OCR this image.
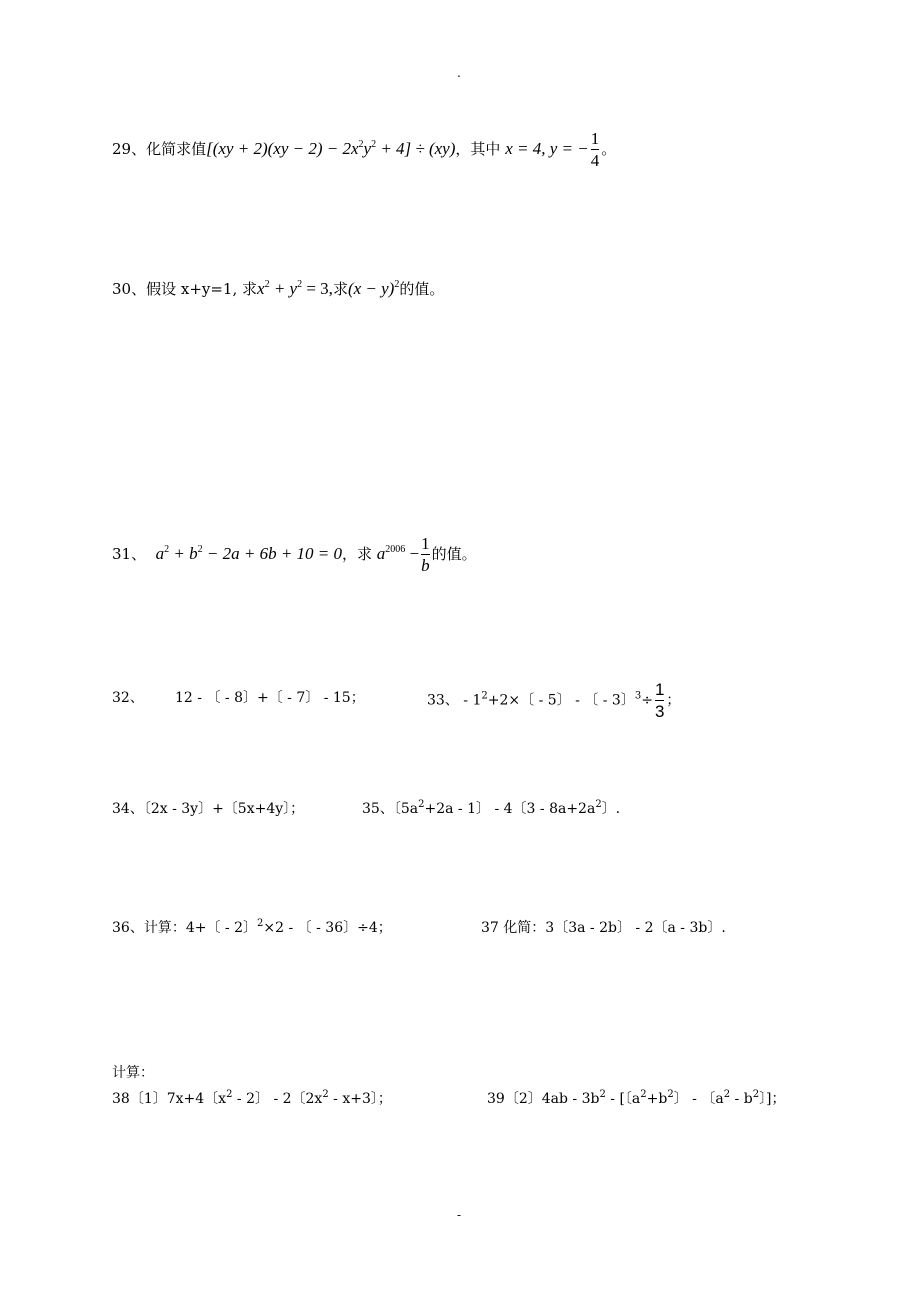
.
29、化简求值$[(xy + 2)(xy - 2) - 2x^2y^2 + 4] \div (xy)$，其中 x = 4, y = − $\frac{1}{4}$ 。
30、假设 x+y=1, 求$x^2 + y^2 = 3$,求$(x - y)^2$的值。
31、 $a^2 + b^2 - 2a + 6b + 10 = 0$，求 $a^{2006} - \frac{1}{b}$ 的值。
32、 12 - 〔 - 8〕+〔 - 7〕 - 15；	33、 - $1^2+2\times$〔 - 5〕 - 〔 - 3〕$^3\div \frac{1}{3}$ ；
34、〔2x - 3y〕+〔5x+4y〕；	35、〔$5a^2+2a - 1$〕 - 4〔$3 - 8a+2a^2$〕.
36、计算：4+〔 - 2〕$^2$×2 - 〔 - 36〕÷4；	37 化简：3〔3a - 2b〕 - 2〔a - 3b〕.
计算：
38〔1〕7x+4〔$x^2 - 2$〕 - 2〔$2x^2 - x+3$〕；	39〔2〕$4ab - 3b^2$ - [〔$a^2+b^2$〕 - 〔$a^2 - b^2$〕]；
-
